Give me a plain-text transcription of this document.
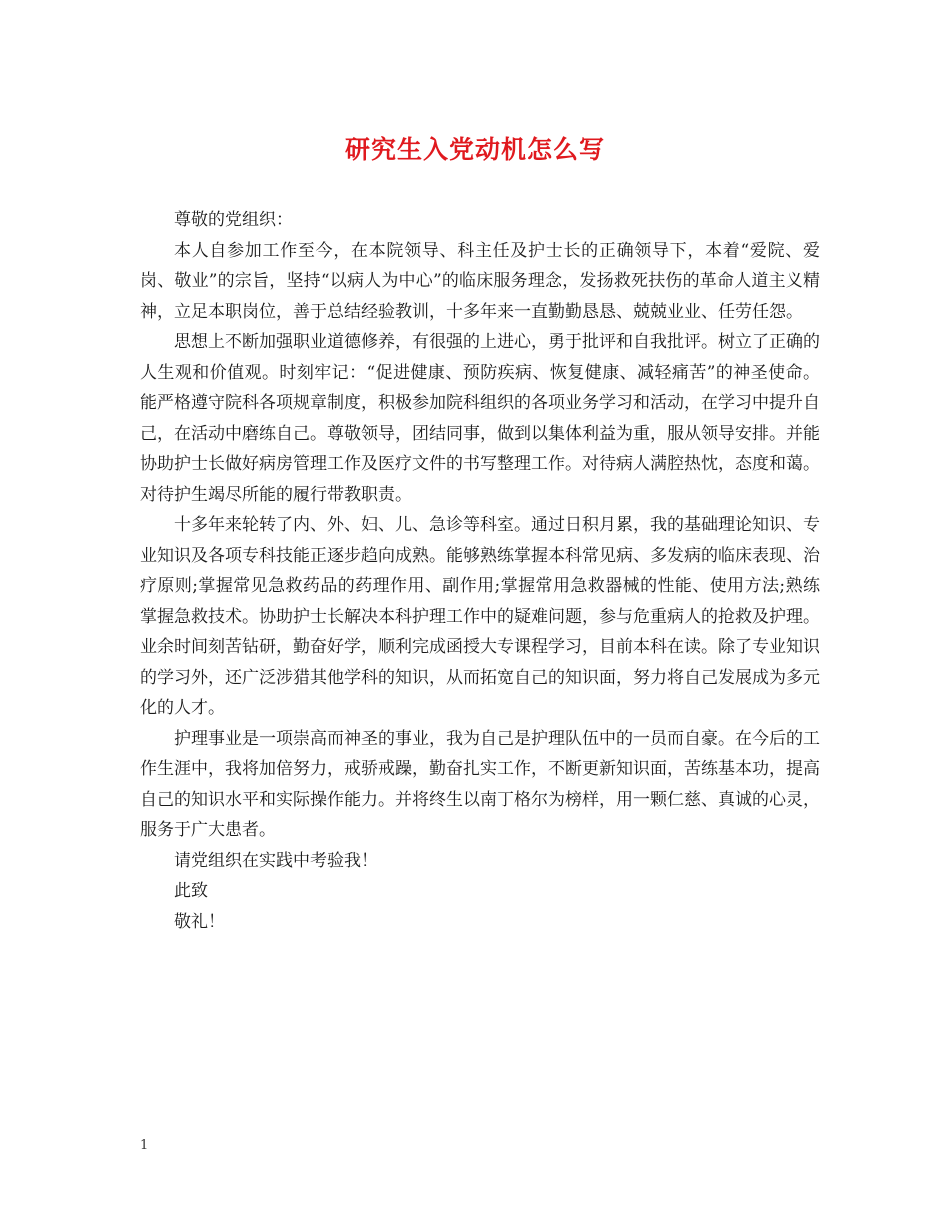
研究生入党动机怎么写

尊敬的党组织：

本人自参加工作至今，在本院领导、科主任及护士长的正确领导下，本着“爱院、爱岗、敬业”的宗旨，坚持“以病人为中心”的临床服务理念，发扬救死扶伤的革命人道主义精神，立足本职岗位，善于总结经验教训，十多年来一直勤勤恳恳、兢兢业业、任劳任怨。

思想上不断加强职业道德修养，有很强的上进心，勇于批评和自我批评。树立了正确的人生观和价值观。时刻牢记：“促进健康、预防疾病、恢复健康、减轻痛苦”的神圣使命。能严格遵守院科各项规章制度，积极参加院科组织的各项业务学习和活动，在学习中提升自己，在活动中磨练自己。尊敬领导，团结同事，做到以集体利益为重，服从领导安排。并能协助护士长做好病房管理工作及医疗文件的书写整理工作。对待病人满腔热忱，态度和蔼。对待护生竭尽所能的履行带教职责。

十多年来轮转了内、外、妇、儿、急诊等科室。通过日积月累，我的基础理论知识、专业知识及各项专科技能正逐步趋向成熟。能够熟练掌握本科常见病、多发病的临床表现、治疗原则;掌握常见急救药品的药理作用、副作用;掌握常用急救器械的性能、使用方法;熟练掌握急救技术。协助护士长解决本科护理工作中的疑难问题，参与危重病人的抢救及护理。业余时间刻苦钻研，勤奋好学，顺利完成函授大专课程学习，目前本科在读。除了专业知识的学习外，还广泛涉猎其他学科的知识，从而拓宽自己的知识面，努力将自己发展成为多元化的人才。

护理事业是一项崇高而神圣的事业，我为自己是护理队伍中的一员而自豪。在今后的工作生涯中，我将加倍努力，戒骄戒躁，勤奋扎实工作，不断更新知识面，苦练基本功，提高自己的知识水平和实际操作能力。并将终生以南丁格尔为榜样，用一颗仁慈、真诚的心灵，服务于广大患者。

请党组织在实践中考验我！

此致

敬礼！

1
